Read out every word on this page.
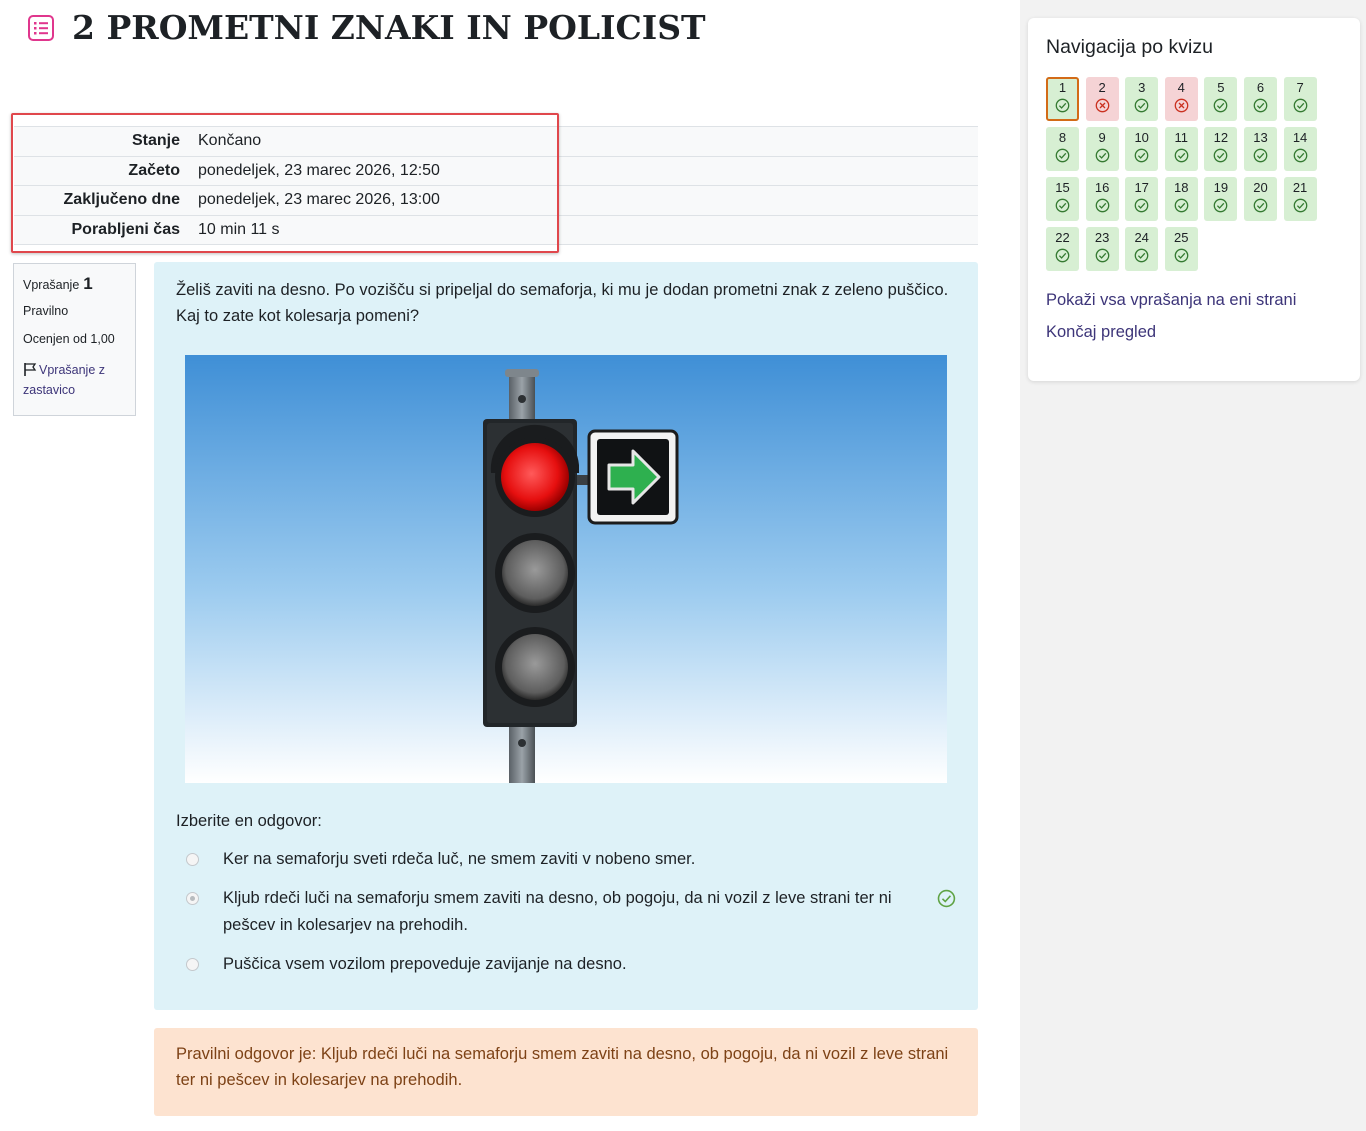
2 PROMETNI ZNAKI IN POLICIST
Stanje	Končano
Začeto	ponedeljek, 23 marec 2026, 12:50
Zaključeno dne	ponedeljek, 23 marec 2026, 13:00
Porabljeni čas	10 min 11 s
Vprašanje 1
Pravilno
Ocenjen od 1,00
Vprašanje z zastavico

Želiš zaviti na desno. Po vozišču si pripeljal do semaforja, ki mu je dodan prometni znak z zeleno puščico. Kaj to zate kot kolesarja pomeni?

Izberite en odgovor:
Ker na semaforju sveti rdeča luč, ne smem zaviti v nobeno smer.
Kljub rdeči luči na semaforju smem zaviti na desno, ob pogoju, da ni vozil z leve strani ter ni pešcev in kolesarjev na prehodih.
Puščica vsem vozilom prepoveduje zavijanje na desno.
Pravilni odgovor je: Kljub rdeči luči na semaforju smem zaviti na desno, ob pogoju, da ni vozil z leve strani ter ni pešcev in kolesarjev na prehodih.
Navigacija po kvizu
1	2	3	4	5	6	7
8	9	10	11	12	13	14
15	16	17	18	19	20	21
22	23	24	25
Pokaži vsa vprašanja na eni strani
Končaj pregled
